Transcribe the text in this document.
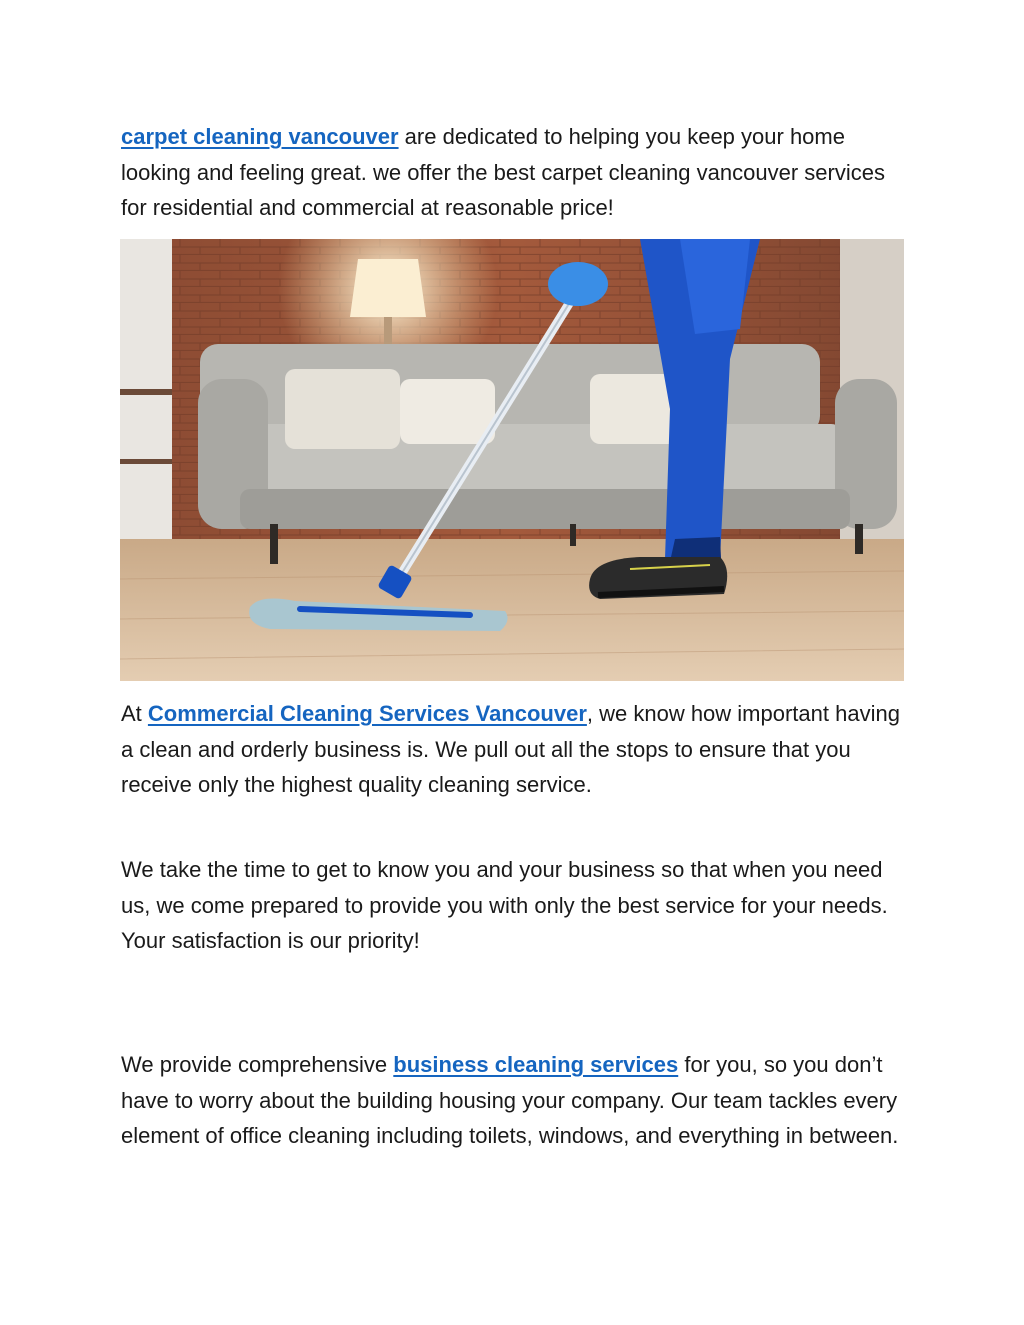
carpet cleaning vancouver are dedicated to helping you keep your home looking and feeling great. we offer the best carpet cleaning vancouver services for residential and commercial at reasonable price!

At Commercial Cleaning Services Vancouver, we know how important having a clean and orderly business is. We pull out all the stops to ensure that you receive only the highest quality cleaning service.

We take the time to get to know you and your business so that when you need us, we come prepared to provide you with only the best service for your needs. Your satisfaction is our priority!

We provide comprehensive business cleaning services for you, so you don’t have to worry about the building housing your company. Our team tackles every element of office cleaning including toilets, windows, and everything in between.
